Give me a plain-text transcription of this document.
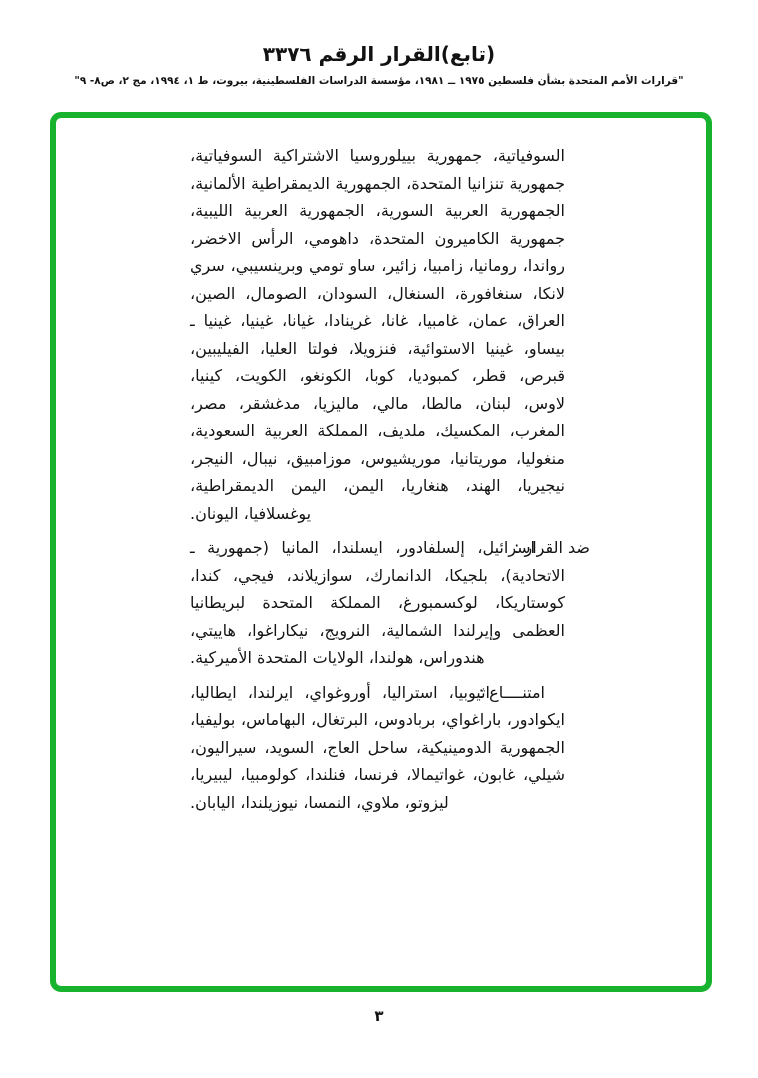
(تابع)القرار الرقم ٣٣٧٦
"قرارات الأمم المتحدة بشأن فلسطين ١٩٧٥ ــ ١٩٨١، مؤسسة الدراسات الفلسطينية، بيروت، ط ١، ١٩٩٤، مج ٢، ص٨- ٩"

السوفياتية، جمهورية بييلوروسيا الاشتراكية السوفياتية، جمهورية تنزانيا المتحدة، الجمهورية الديمقراطية الألمانية، الجمهورية العربية السورية، الجمهورية العربية الليبية، جمهورية الكاميرون المتحدة، داهومي، الرأس الاخضر، رواندا، رومانيا، زامبيا، زائير، ساو تومي وبرينسيبي، سري لانكا، سنغافورة، السنغال، السودان، الصومال، الصين، العراق، عمان، غامبيا، غانا، غرينادا، غيانا، غينيا، غينيا ـ بيساو، غينيا الاستوائية، فنزويلا، فولتا العليا، الفيليبين، قبرص، قطر، كمبوديا، كوبا، الكونغو، الكويت، كينيا، لاوس، لبنان، مالطا، مالي، ماليزيا، مدغشقر، مصر، المغرب، المكسيك، ملديف، المملكة العربية السعودية، منغوليا، موريتانيا، موريشيوس، موزامبيق، نيبال، النيجر، نيجيريا، الهند، هنغاريا، اليمن، اليمن الديمقراطية، يوغسلافيا، اليونان.

ضد القرار :
اسرائيل، إلسلفادور، ايسلندا، المانيا (جمهورية ـ الاتحادية)، بلجيكا، الدانمارك، سوازيلاند، فيجي، كندا، كوستاريكا، لوكسمبورغ، المملكة المتحدة لبريطانيا العظمى وإيرلندا الشمالية، النرويج، نيكاراغوا، هاييتي، هندوراس، هولندا، الولايات المتحدة الأميركية.

امتنــــاع :
اثيوبيا، استراليا، أوروغواي، ايرلندا، ايطاليا، ايكوادور، باراغواي، بربادوس، البرتغال، البهاماس، بوليفيا، الجمهورية الدومينيكية، ساحل العاج، السويد، سيراليون، شيلي، غابون، غواتيمالا، فرنسا، فنلندا، كولومبيا، ليبيريا، ليزوتو، ملاوي، النمسا، نيوزيلندا، اليابان.

٣
